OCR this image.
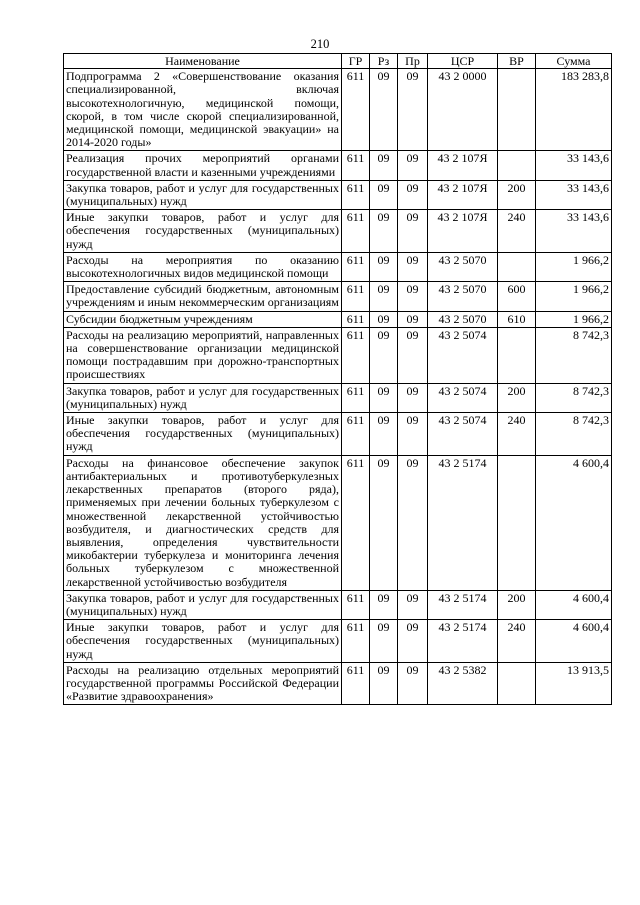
210
Наименование	ГР	Рз	Пр	ЦСР	ВР	Сумма
Подпрограмма 2 «Совершенствование оказания специализированной, включая высокотехнологичную, медицинской помощи, скорой, в том числе скорой специализированной, медицинской помощи, медицинской эвакуации» на 2014-2020 годы»	611	09	09	43 2 0000		183 283,8
Реализация прочих мероприятий органами государственной власти и казенными учреждениями	611	09	09	43 2 107Я		33 143,6
Закупка товаров, работ и услуг для государственных (муниципальных) нужд	611	09	09	43 2 107Я	200	33 143,6
Иные закупки товаров, работ и услуг для обеспечения государственных (муниципальных) нужд	611	09	09	43 2 107Я	240	33 143,6
Расходы на мероприятия по оказанию высокотехнологичных видов медицинской помощи	611	09	09	43 2 5070		1 966,2
Предоставление субсидий бюджетным, автономным учреждениям и иным некоммерческим организациям	611	09	09	43 2 5070	600	1 966,2
Субсидии бюджетным учреждениям	611	09	09	43 2 5070	610	1 966,2
Расходы на реализацию мероприятий, направленных на совершенствование организации медицинской помощи пострадавшим при дорожно-транспортных происшествиях	611	09	09	43 2 5074		8 742,3
Закупка товаров, работ и услуг для государственных (муниципальных) нужд	611	09	09	43 2 5074	200	8 742,3
Иные закупки товаров, работ и услуг для обеспечения государственных (муниципальных) нужд	611	09	09	43 2 5074	240	8 742,3
Расходы на финансовое обеспечение закупок антибактериальных и противотуберкулезных лекарственных препаратов (второго ряда), применяемых при лечении больных туберкулезом с множественной лекарственной устойчивостью возбудителя, и диагностических средств для выявления, определения чувствительности микобактерии туберкулеза и мониторинга лечения больных туберкулезом с множественной лекарственной устойчивостью возбудителя	611	09	09	43 2 5174		4 600,4
Закупка товаров, работ и услуг для государственных (муниципальных) нужд	611	09	09	43 2 5174	200	4 600,4
Иные закупки товаров, работ и услуг для обеспечения государственных (муниципальных) нужд	611	09	09	43 2 5174	240	4 600,4
Расходы на реализацию отдельных мероприятий государственной программы Российской Федерации «Развитие здравоохранения»	611	09	09	43 2 5382		13 913,5
